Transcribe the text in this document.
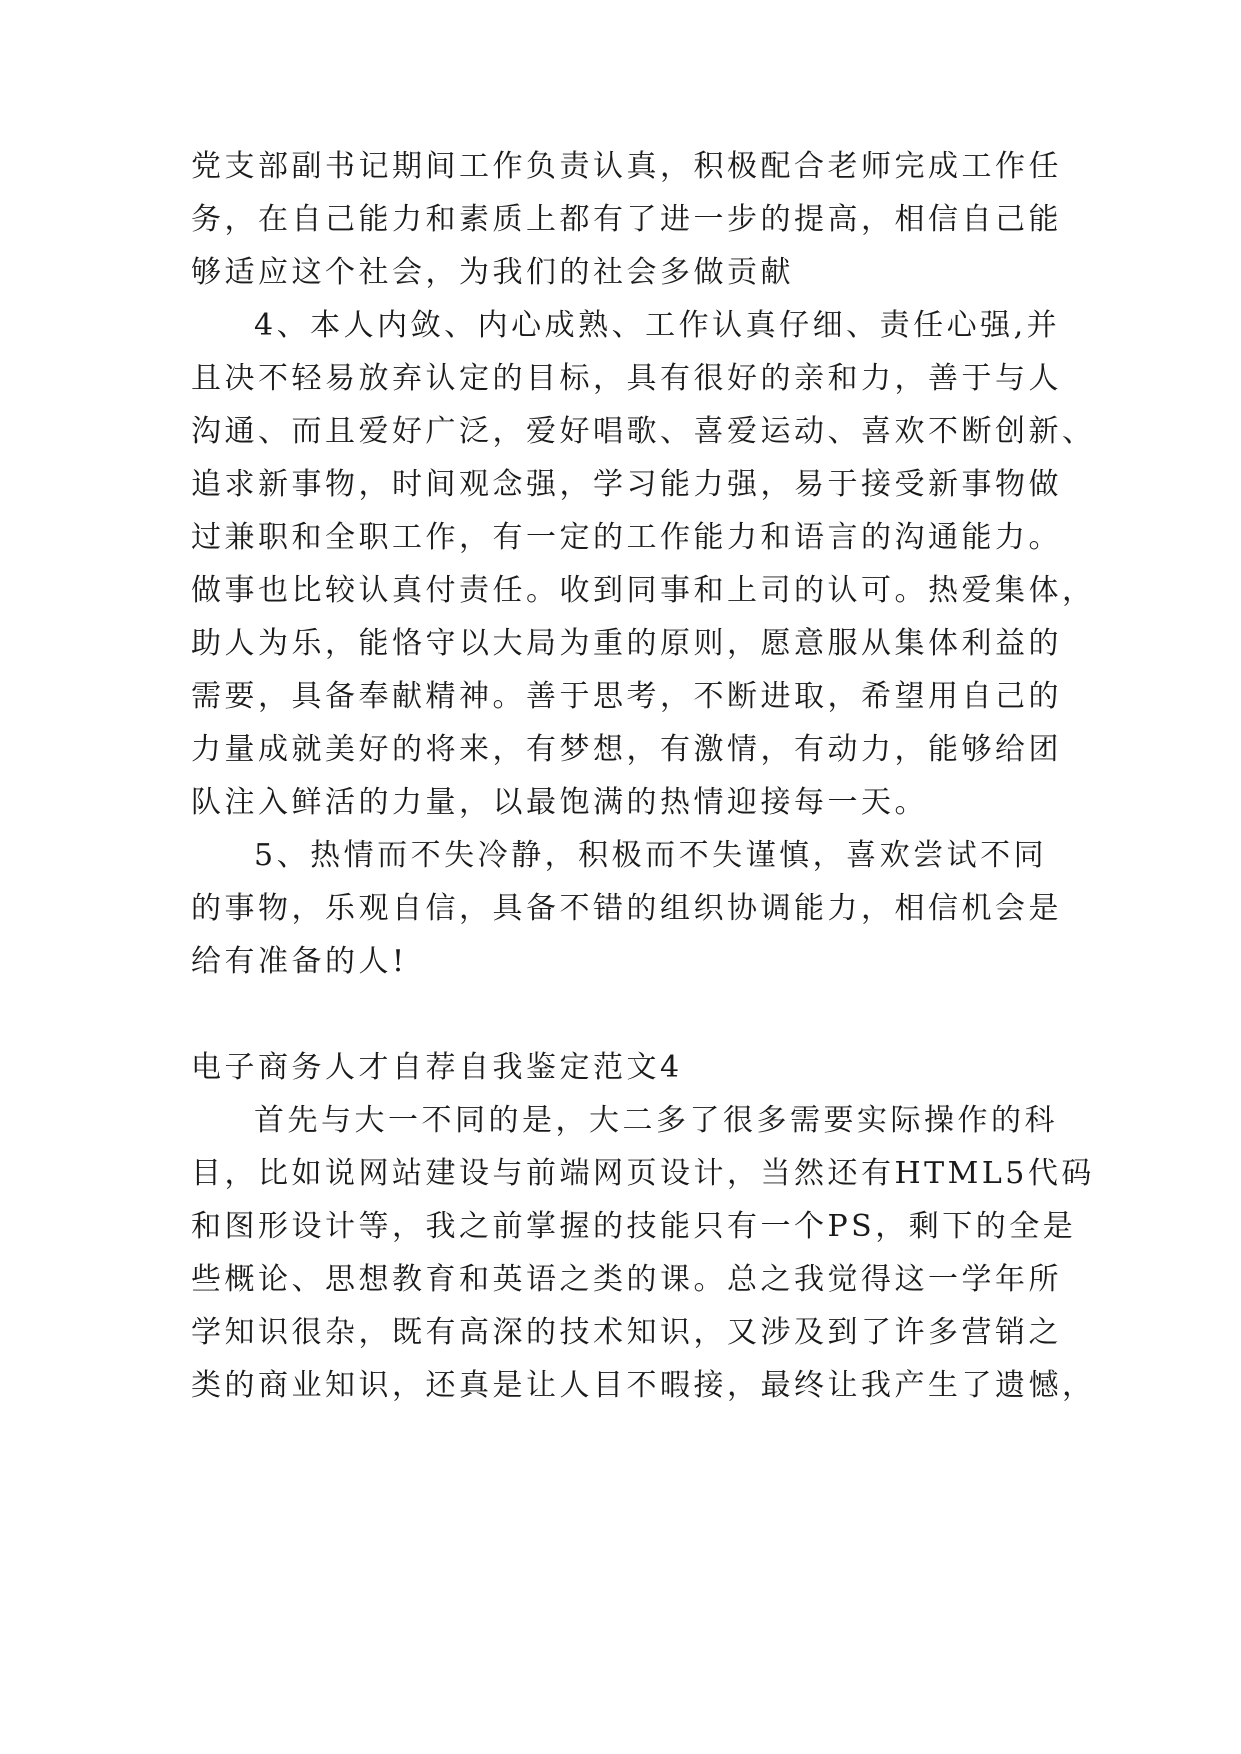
党支部副书记期间工作负责认真，积极配合老师完成工作任
务，在自己能力和素质上都有了进一步的提高，相信自己能
够适应这个社会，为我们的社会多做贡献
4、本人内敛、内心成熟、工作认真仔细、责任心强,并
且决不轻易放弃认定的目标，具有很好的亲和力，善于与人
沟通、而且爱好广泛，爱好唱歌、喜爱运动、喜欢不断创新、
追求新事物，时间观念强，学习能力强，易于接受新事物做
过兼职和全职工作，有一定的工作能力和语言的沟通能力。
做事也比较认真付责任。收到同事和上司的认可。热爱集体，
助人为乐，能恪守以大局为重的原则，愿意服从集体利益的
需要，具备奉献精神。善于思考，不断进取，希望用自己的
力量成就美好的将来，有梦想，有激情，有动力，能够给团
队注入鲜活的力量，以最饱满的热情迎接每一天。
5、热情而不失冷静，积极而不失谨慎，喜欢尝试不同
的事物，乐观自信，具备不错的组织协调能力，相信机会是
给有准备的人!
电子商务人才自荐自我鉴定范文4
首先与大一不同的是，大二多了很多需要实际操作的科
目，比如说网站建设与前端网页设计，当然还有HTML5代码
和图形设计等，我之前掌握的技能只有一个PS，剩下的全是
些概论、思想教育和英语之类的课。总之我觉得这一学年所
学知识很杂，既有高深的技术知识，又涉及到了许多营销之
类的商业知识，还真是让人目不暇接，最终让我产生了遗憾，
